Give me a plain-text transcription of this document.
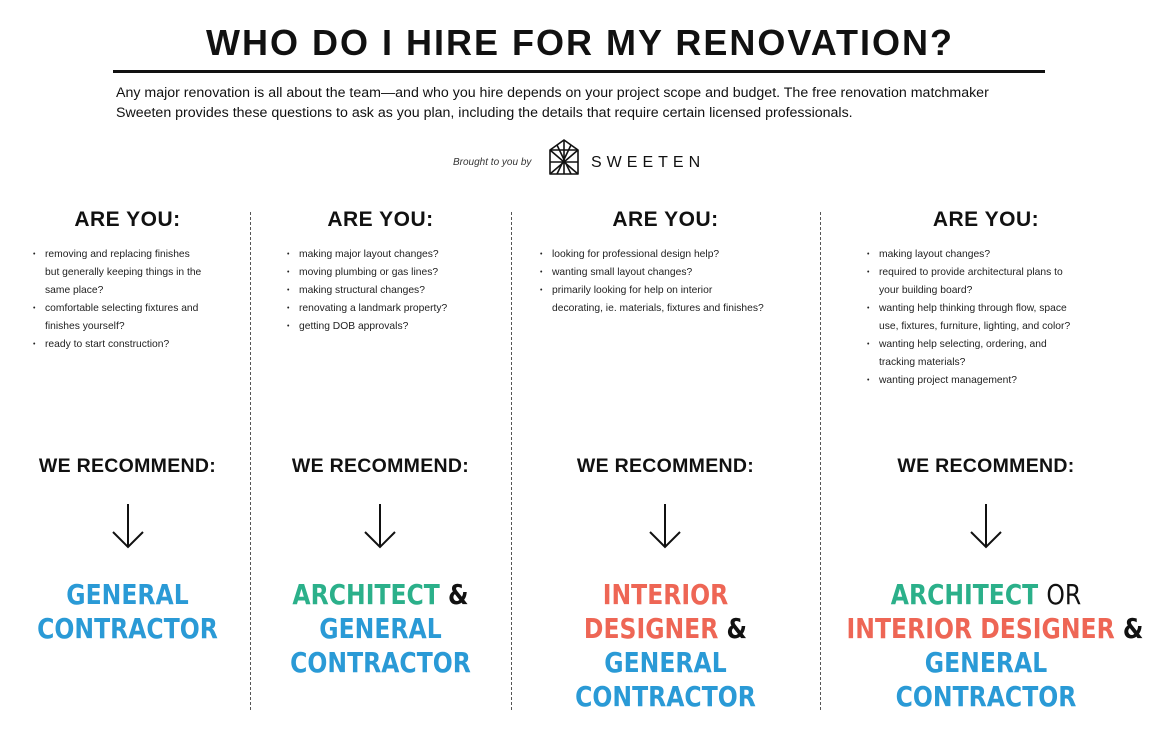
WHO DO I HIRE FOR MY RENOVATION?

Any major renovation is all about the team—and who you hire depends on your project scope and budget. The free renovation matchmaker Sweeten provides these questions to ask as you plan, including the details that require certain licensed professionals.

Brought to you by	SWEETEN
ARE YOU:
• removing and replacing finishes
but generally keeping things in the
same place?
• comfortable selecting fixtures and
finishes yourself?
• ready to start construction?
WE RECOMMEND:
GENERAL
CONTRACTOR
ARE YOU:
• making major layout changes?
• moving plumbing or gas lines?
• making structural changes?
• renovating a landmark property?
• getting DOB approvals?
WE RECOMMEND:
ARCHITECT &
GENERAL
CONTRACTOR
ARE YOU:
• looking for professional design help?
• wanting small layout changes?
• primarily looking for help on interior
decorating, ie. materials, fixtures and finishes?
WE RECOMMEND:
INTERIOR
DESIGNER &
GENERAL
CONTRACTOR
ARE YOU:
• making layout changes?
• required to provide architectural plans to
your building board?
• wanting help thinking through flow, space
use, fixtures, furniture, lighting, and color?
• wanting help selecting, ordering, and
tracking materials?
• wanting project management?
WE RECOMMEND:
ARCHITECT OR
INTERIOR DESIGNER &
GENERAL
CONTRACTOR
